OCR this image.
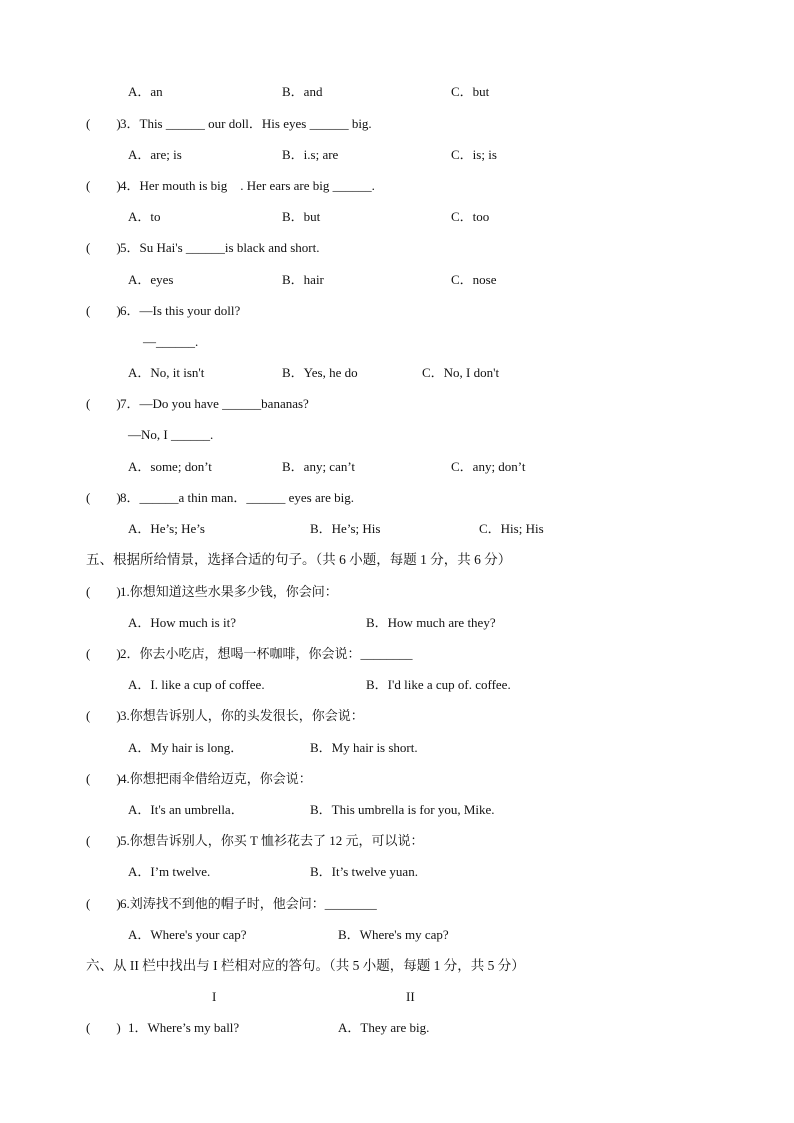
A．an	B．and	C．but
(　　) 3．This ______ our doll．His eyes ______ big.
A．are; is	B．i.s; are	C．is; is
(　　) 4．Her mouth is big　. Her ears are big ______.
A．to	B．but	C．too
(　　) 5．Su Hai's ______is black and short.
A．eyes	B．hair	C．nose
(　　) 6．—Is this your doll?
—______.
A．No, it isn't	B．Yes, he do	C．No, I don't
(　　) 7．—Do you have ______bananas?
—No, I ______.
A．some; don’t	B．any; can’t	C．any; don’t
(　　) 8．______a thin man．______ eyes are big.
A．He’s; He’s	B．He’s; His	C．His; His
五、根据所给情景，选择合适的句子。（共 6 小题，每题 1 分，共 6 分）
(　　) 1.你想知道这些水果多少钱，你会问：
A．How much is it?	B．How much are they?
(　　) 2．你去小吃店，想喝一杯咖啡，你会说：________
A．I. like a cup of coffee.	B．I'd like a cup of. coffee.
(　　) 3.你想告诉别人，你的头发很长，你会说：
A．My hair is long．	B．My hair is short.
(　　) 4.你想把雨伞借给迈克，你会说：
A．It's an umbrella．	B．This umbrella is for you, Mike.
(　　) 5.你想告诉别人，你买 T 恤衫花去了 12 元，可以说：
A．I’m twelve.	B．It’s twelve yuan.
(　　) 6.刘涛找不到他的帽子时，他会问：________
A．Where's your cap?	B．Where's my cap?
六、从 II 栏中找出与 I 栏相对应的答句。（共 5 小题，每题 1 分，共 5 分）
I	II
(　　) 1．Where’s my ball?	A．They are big.
